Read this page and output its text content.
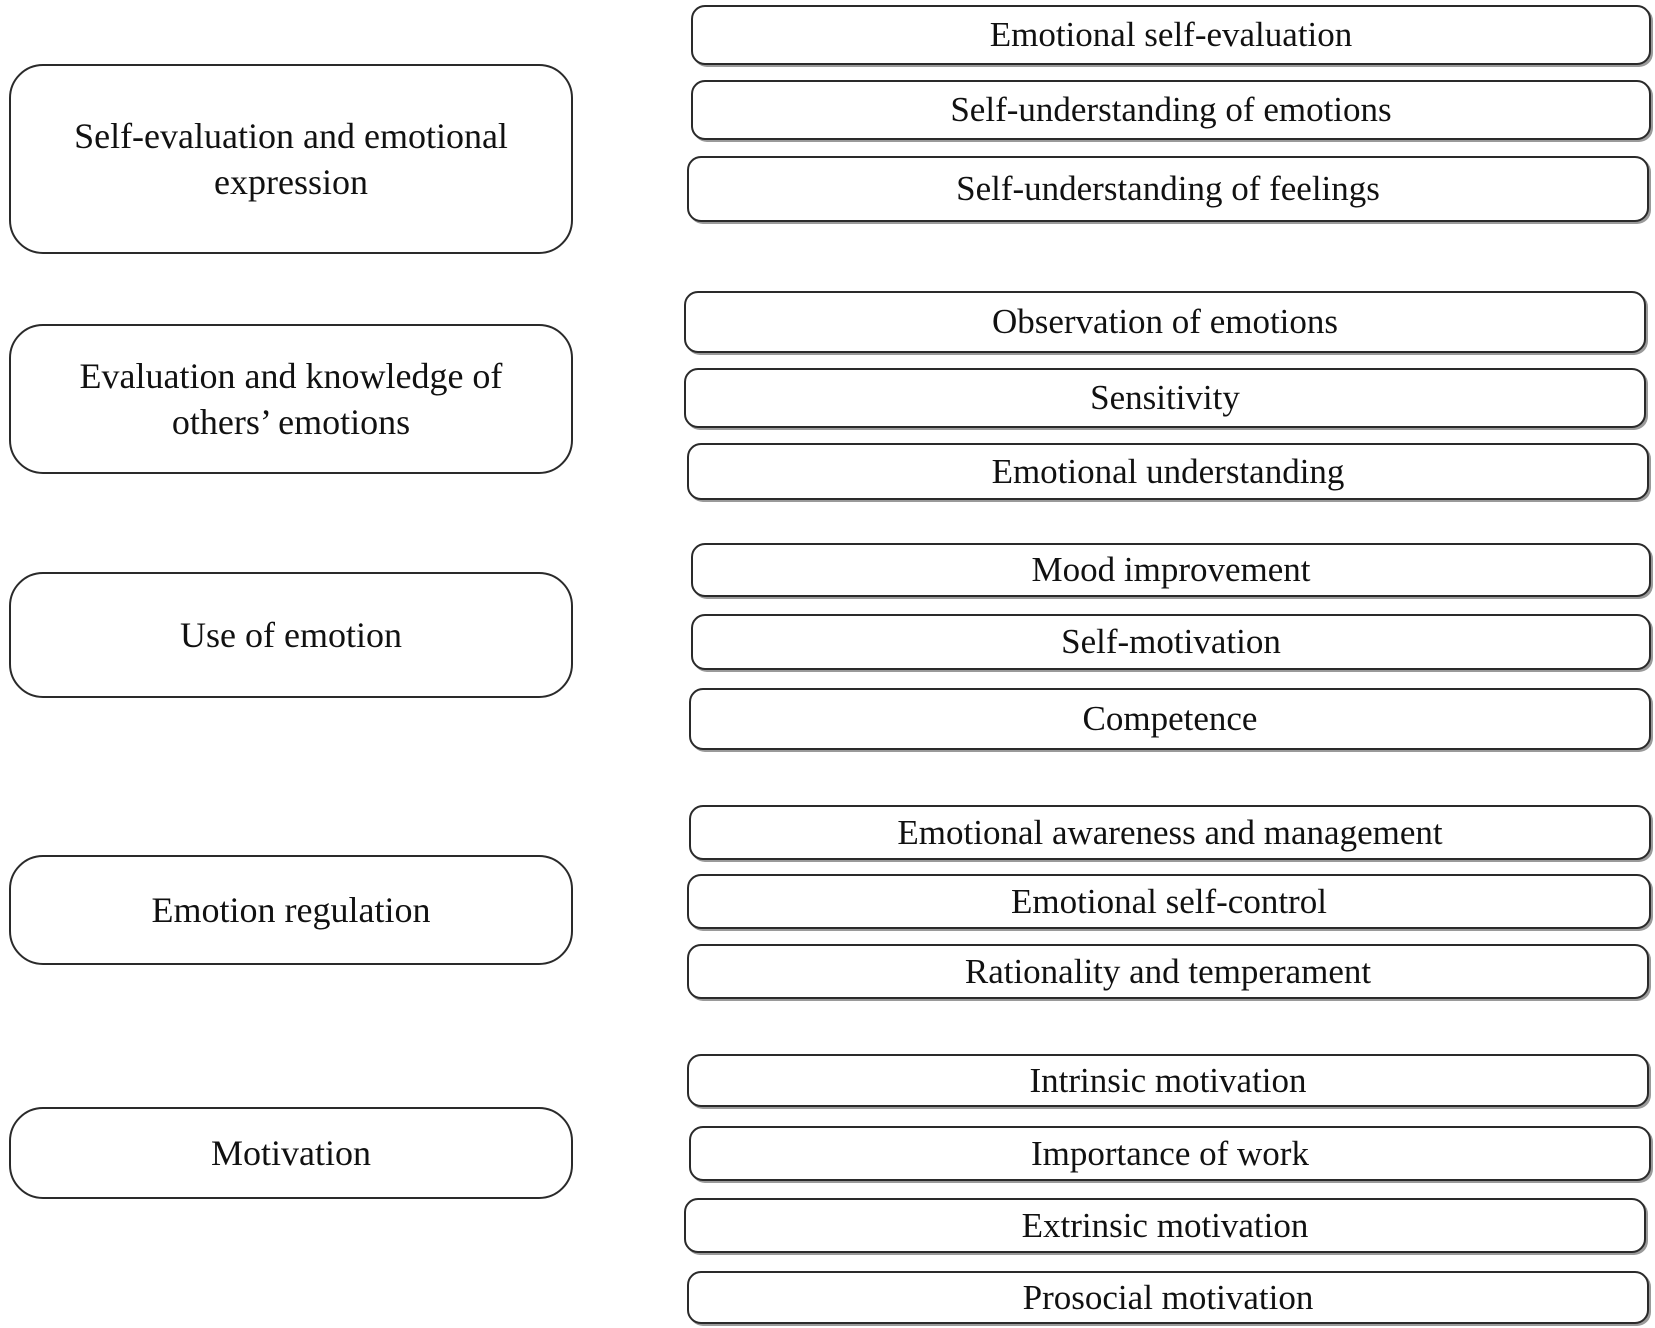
Self-evaluation and emotional expression
Emotional self-evaluation
Self-understanding of emotions
Self-understanding of feelings
Evaluation and knowledge of others’ emotions
Observation of emotions
Sensitivity
Emotional understanding
Use of emotion
Mood improvement
Self-motivation
Competence
Emotion regulation
Emotional awareness and management
Emotional self-control
Rationality and temperament
Motivation
Intrinsic motivation
Importance of work
Extrinsic motivation
Prosocial motivation
